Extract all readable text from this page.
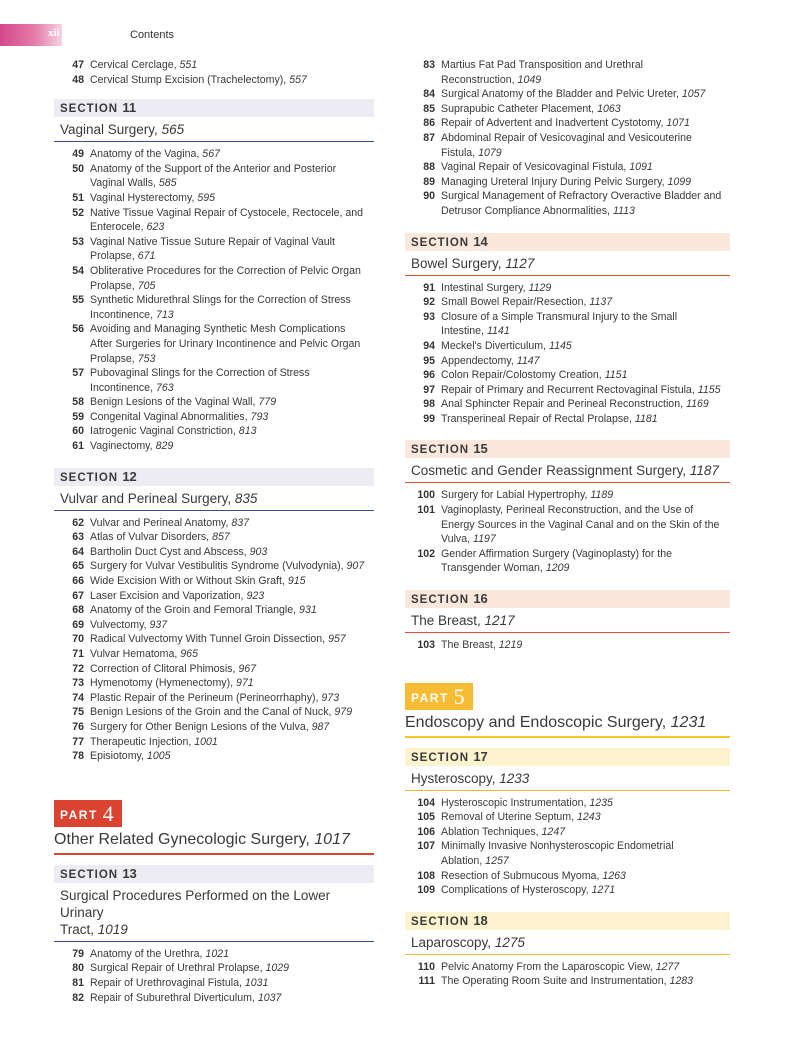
xii	Contents
47 Cervical Cerclage, 551
48 Cervical Stump Excision (Trachelectomy), 557
SECTION 11
Vaginal Surgery, 565
49 Anatomy of the Vagina, 567
50 Anatomy of the Support of the Anterior and Posterior
Vaginal Walls, 585
51 Vaginal Hysterectomy, 595
52 Native Tissue Vaginal Repair of Cystocele, Rectocele, and
Enterocele, 623
53 Vaginal Native Tissue Suture Repair of Vaginal Vault
Prolapse, 671
54 Obliterative Procedures for the Correction of Pelvic Organ
Prolapse, 705
55 Synthetic Midurethral Slings for the Correction of Stress
Incontinence, 713
56 Avoiding and Managing Synthetic Mesh Complications
After Surgeries for Urinary Incontinence and Pelvic Organ
Prolapse, 753
57 Pubovaginal Slings for the Correction of Stress
Incontinence, 763
58 Benign Lesions of the Vaginal Wall, 779
59 Congenital Vaginal Abnormalities, 793
60 Iatrogenic Vaginal Constriction, 813
61 Vaginectomy, 829
SECTION 12
Vulvar and Perineal Surgery, 835
62 Vulvar and Perineal Anatomy, 837
63 Atlas of Vulvar Disorders, 857
64 Bartholin Duct Cyst and Abscess, 903
65 Surgery for Vulvar Vestibulitis Syndrome (Vulvodynia), 907
66 Wide Excision With or Without Skin Graft, 915
67 Laser Excision and Vaporization, 923
68 Anatomy of the Groin and Femoral Triangle, 931
69 Vulvectomy, 937
70 Radical Vulvectomy With Tunnel Groin Dissection, 957
71 Vulvar Hematoma, 965
72 Correction of Clitoral Phimosis, 967
73 Hymenotomy (Hymenectomy), 971
74 Plastic Repair of the Perineum (Perineorrhaphy), 973
75 Benign Lesions of the Groin and the Canal of Nuck, 979
76 Surgery for Other Benign Lesions of the Vulva, 987
77 Therapeutic Injection, 1001
78 Episiotomy, 1005
PART 4
Other Related Gynecologic Surgery, 1017
SECTION 13
Surgical Procedures Performed on the Lower Urinary
Tract, 1019
79 Anatomy of the Urethra, 1021
80 Surgical Repair of Urethral Prolapse, 1029
81 Repair of Urethrovaginal Fistula, 1031
82 Repair of Suburethral Diverticulum, 1037
83 Martius Fat Pad Transposition and Urethral
Reconstruction, 1049
84 Surgical Anatomy of the Bladder and Pelvic Ureter, 1057
85 Suprapubic Catheter Placement, 1063
86 Repair of Advertent and Inadvertent Cystotomy, 1071
87 Abdominal Repair of Vesicovaginal and Vesicouterine
Fistula, 1079
88 Vaginal Repair of Vesicovaginal Fistula, 1091
89 Managing Ureteral Injury During Pelvic Surgery, 1099
90 Surgical Management of Refractory Overactive Bladder and
Detrusor Compliance Abnormalities, 1113
SECTION 14
Bowel Surgery, 1127
91 Intestinal Surgery, 1129
92 Small Bowel Repair/Resection, 1137
93 Closure of a Simple Transmural Injury to the Small
Intestine, 1141
94 Meckel's Diverticulum, 1145
95 Appendectomy, 1147
96 Colon Repair/Colostomy Creation, 1151
97 Repair of Primary and Recurrent Rectovaginal Fistula, 1155
98 Anal Sphincter Repair and Perineal Reconstruction, 1169
99 Transperineal Repair of Rectal Prolapse, 1181
SECTION 15
Cosmetic and Gender Reassignment Surgery, 1187
100 Surgery for Labial Hypertrophy, 1189
101 Vaginoplasty, Perineal Reconstruction, and the Use of
Energy Sources in the Vaginal Canal and on the Skin of the
Vulva, 1197
102 Gender Affirmation Surgery (Vaginoplasty) for the
Transgender Woman, 1209
SECTION 16
The Breast, 1217
103 The Breast, 1219
PART 5
Endoscopy and Endoscopic Surgery, 1231
SECTION 17
Hysteroscopy, 1233
104 Hysteroscopic Instrumentation, 1235
105 Removal of Uterine Septum, 1243
106 Ablation Techniques, 1247
107 Minimally Invasive Nonhysteroscopic Endometrial
Ablation, 1257
108 Resection of Submucous Myoma, 1263
109 Complications of Hysteroscopy, 1271
SECTION 18
Laparoscopy, 1275
110 Pelvic Anatomy From the Laparoscopic View, 1277
111 The Operating Room Suite and Instrumentation, 1283
